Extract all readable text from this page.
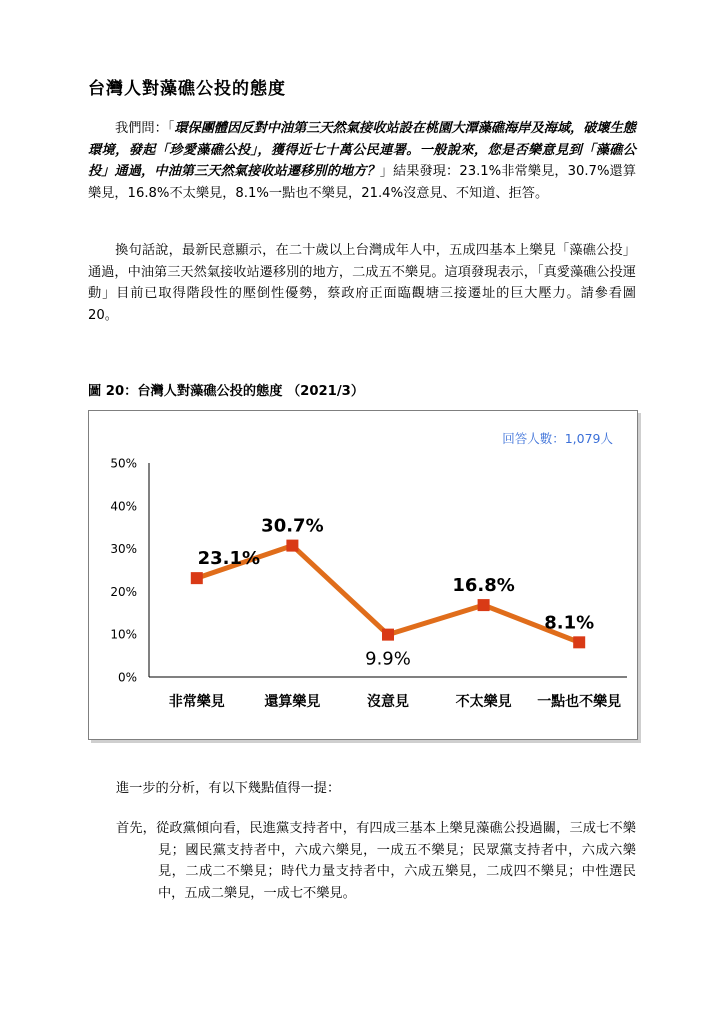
台灣人對藻礁公投的態度
我們問：「環保團體因反對中油第三天然氣接收站設在桃園大潭藻礁海岸及海域，破壞生態環境，發起「珍愛藻礁公投」，獲得近七十萬公民連署。一般說來，您是否樂意見到「藻礁公投」通過，中油第三天然氣接收站遷移別的地方？」結果發現：23.1%非常樂見，30.7%還算樂見，16.8%不太樂見，8.1%一點也不樂見，21.4%沒意見、不知道、拒答。
換句話說，最新民意顯示，在二十歲以上台灣成年人中，五成四基本上樂見「藻礁公投」通過，中油第三天然氣接收站遷移別的地方，二成五不樂見。這項發現表示，「真愛藻礁公投運動」目前已取得階段性的壓倒性優勢，蔡政府正面臨觀塘三接遷址的巨大壓力。請參看圖 20。
圖 20：台灣人對藻礁公投的態度 （2021/3）
回答人數：1,079人
0%
10%
20%
30%
40%
50%
非常樂見	還算樂見	沒意見	不太樂見 一點也不樂見
23.1%
30.7%
9.9%
16.8%
8.1%
進一步的分析，有以下幾點值得一提：
首先，從政黨傾向看，民進黨支持者中，有四成三基本上樂見藻礁公投過關，三成七不樂見；國民黨支持者中，六成六樂見，一成五不樂見；民眾黨支持者中，六成六樂見，二成二不樂見；時代力量支持者中，六成五樂見，二成四不樂見；中性選民中，五成二樂見，一成七不樂見。
